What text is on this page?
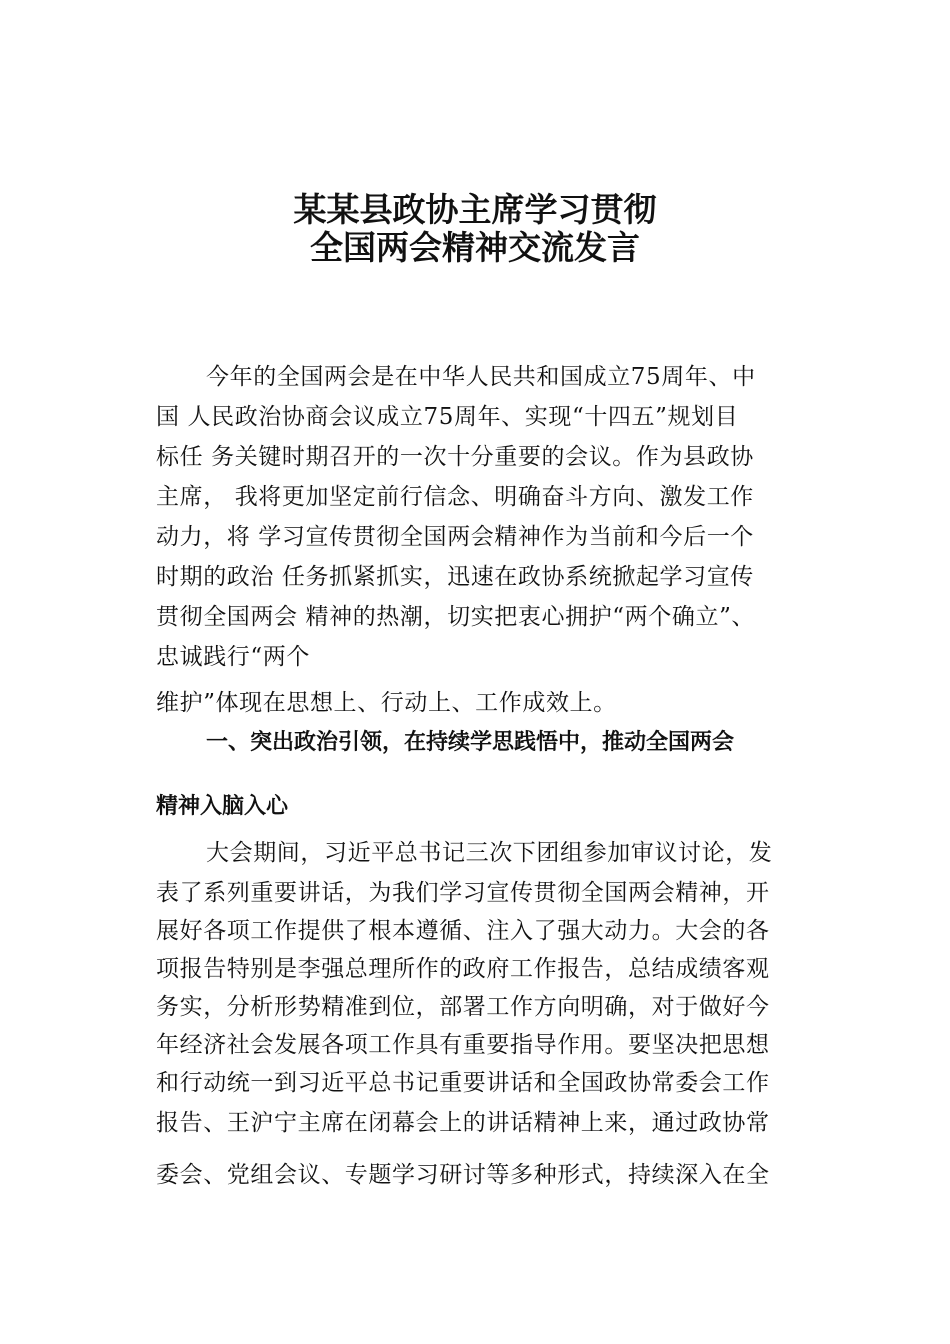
某某县政协主席学习贯彻
全国两会精神交流发言

今年的全国两会是在中华人民共和国成立75周年、中

国 人民政治协商会议成立75周年、实现“十四五”规划目

标任 务关键时期召开的一次十分重要的会议。作为县政协

主席， 我将更加坚定前行信念、明确奋斗方向、激发工作

动力，将 学习宣传贯彻全国两会精神作为当前和今后一个

时期的政治 任务抓紧抓实，迅速在政协系统掀起学习宣传

贯彻全国两会 精神的热潮，切实把衷心拥护“两个确立”、

忠诚践行“两个

维护”体现在思想上、行动上、工作成效上。

一、突出政治引领，在持续学思践悟中，推动全国两会

精神入脑入心

大会期间，习近平总书记三次下团组参加审议讨论，发

表了系列重要讲话，为我们学习宣传贯彻全国两会精神，开

展好各项工作提供了根本遵循、注入了强大动力。大会的各

项报告特别是李强总理所作的政府工作报告，总结成绩客观

务实，分析形势精准到位，部署工作方向明确，对于做好今

年经济社会发展各项工作具有重要指导作用。要坚决把思想

和行动统一到习近平总书记重要讲话和全国政协常委会工作

报告、王沪宁主席在闭幕会上的讲话精神上来，通过政协常

委会、党组会议、专题学习研讨等多种形式，持续深入在全
